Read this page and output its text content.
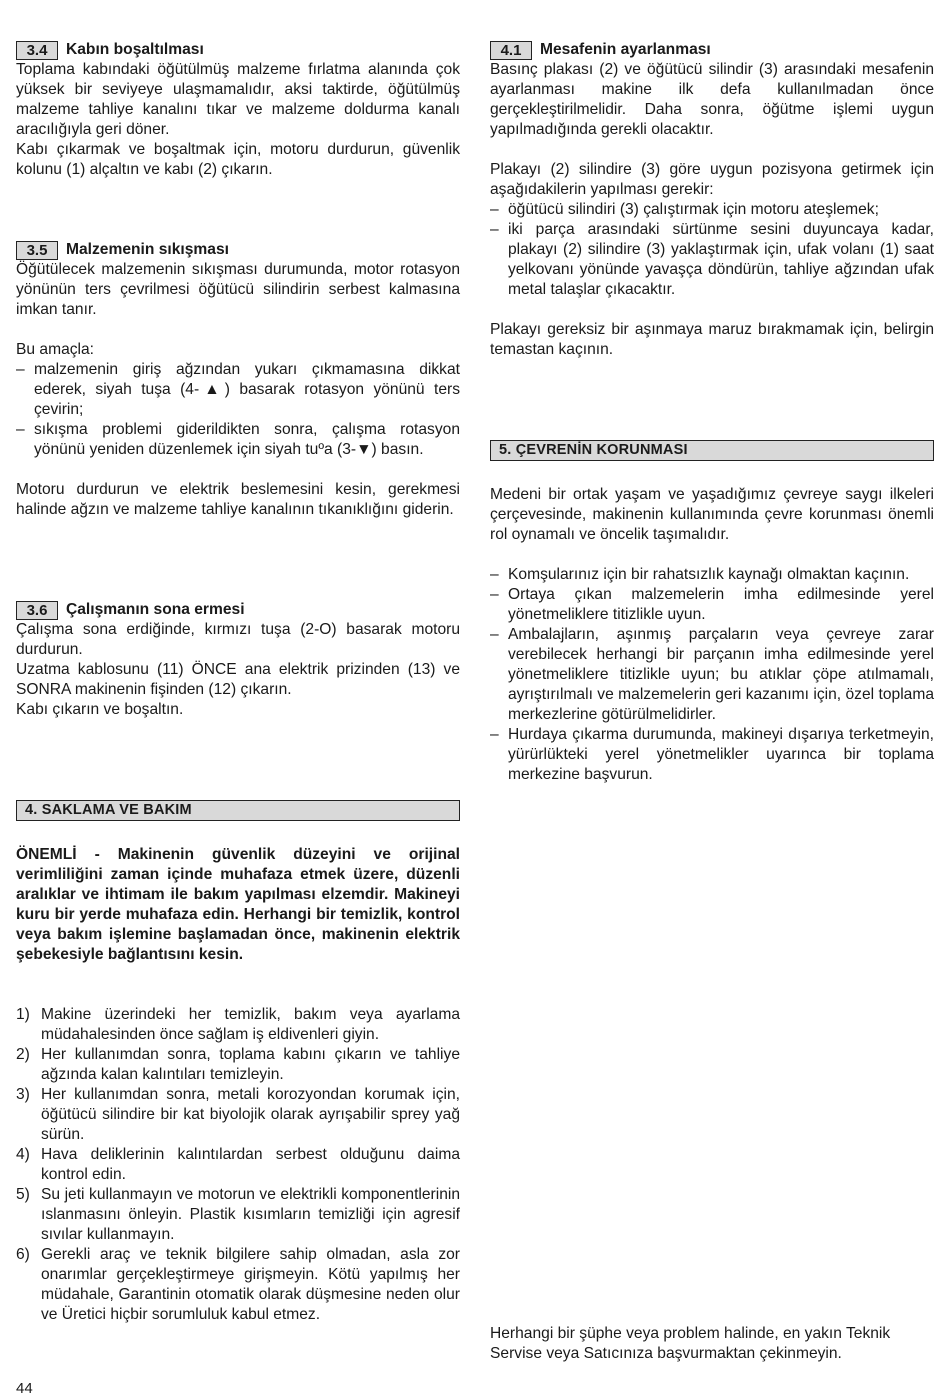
3.4	Kabın boşaltılması

Toplama kabındaki öğütülmüş malzeme fırlatma alanında çok yüksek bir seviyeye ulaşmamalıdır, aksi taktirde, öğütülmüş malzeme tahliye kanalını tıkar ve malzeme doldurma kanalı aracılığıyla geri döner.

Kabı çıkarmak ve boşaltmak için, motoru durdurun, güvenlik kolunu (1) alçaltın ve kabı (2) çıkarın.

3.5	Malzemenin sıkışması

Öğütülecek malzemenin sıkışması durumunda, motor rotasyon yönünün ters çevrilmesi öğütücü silindirin serbest kalmasına imkan tanır.

Bu amaçla:

– malzemenin giriş ağzından yukarı çıkmamasına dikkat ederek, siyah tuşa (4-▲) basarak rotasyon yönünü ters çevirin;
– sıkışma problemi giderildikten sonra, çalışma rotasyon yönünü yeniden düzenlemek için siyah tuºa (3-▼) basın.

Motoru durdurun ve elektrik beslemesini kesin, gerekmesi halinde ağzın ve malzeme tahliye kanalının tıkanıklığını giderin.

3.6	Çalışmanın sona ermesi

Çalışma sona erdiğinde, kırmızı tuşa (2-O) basarak motoru durdurun.

Uzatma kablosunu (11) ÖNCE ana elektrik prizinden (13) ve SONRA makinenin fişinden (12) çıkarın.

Kabı çıkarın ve boşaltın.

4. SAKLAMA VE BAKIM

ÖNEMLİ - Makinenin güvenlik düzeyini ve orijinal verimliliğini zaman içinde muhafaza etmek üzere, düzenli aralıklar ve ihtimam ile bakım yapılması elzemdir. Makineyi kuru bir yerde muhafaza edin. Herhangi bir temizlik, kontrol veya bakım işlemine başlamadan önce, makinenin elektrik şebekesiyle bağlantısını kesin.

1) Makine üzerindeki her temizlik, bakım veya ayarlama müdahalesinden önce sağlam iş eldivenleri giyin.
2) Her kullanımdan sonra, toplama kabını çıkarın ve tahliye ağzında kalan kalıntıları temizleyin.
3) Her kullanımdan sonra, metali korozyondan korumak için, öğütücü silindire bir kat biyolojik olarak ayrışabilir sprey yağ sürün.
4) Hava deliklerinin kalıntılardan serbest olduğunu daima kontrol edin.
5) Su jeti kullanmayın ve motorun ve elektrikli komponentlerinin ıslanmasını önleyin. Plastik kısımların temizliği için agresif sıvılar kullanmayın.
6) Gerekli araç ve teknik bilgilere sahip olmadan, asla zor onarımlar gerçekleştirmeye girişmeyin. Kötü yapılmış her müdahale, Garantinin otomatik olarak düşmesine neden olur ve Üretici hiçbir sorumluluk kabul etmez.
4.1	Mesafenin ayarlanması

Basınç plakası (2) ve öğütücü silindir (3) arasındaki mesafenin ayarlanması makine ilk defa kullanılmadan önce gerçekleştirilmelidir. Daha sonra, öğütme işlemi uygun yapılmadığında gerekli olacaktır.

Plakayı (2) silindire (3) göre uygun pozisyona getirmek için aşağıdakilerin yapılması gerekir:

– öğütücü silindiri (3) çalıştırmak için motoru ateşlemek;
– iki parça arasındaki sürtünme sesini duyuncaya kadar, plakayı (2) silindire (3) yaklaştırmak için, ufak volanı (1) saat yelkovanı yönünde yavaşça döndürün, tahliye ağzından ufak metal talaşlar çıkacaktır.

Plakayı gereksiz bir aşınmaya maruz bırakmamak için, belirgin temastan kaçının.

5. ÇEVRENİN KORUNMASI

Medeni bir ortak yaşam ve yaşadığımız çevreye saygı ilkeleri çerçevesinde, makinenin kullanımında çevre korunması önemli rol oynamalı ve öncelik taşımalıdır.

– Komşularınız için bir rahatsızlık kaynağı olmaktan kaçının.
– Ortaya çıkan malzemelerin imha edilmesinde yerel yönetmeliklere titizlikle uyun.
– Ambalajların, aşınmış parçaların veya çevreye zarar verebilecek herhangi bir parçanın imha edilmesinde yerel yönetmeliklere titizlikle uyun; bu atıklar çöpe atılmamalı, ayrıştırılmalı ve malzemelerin geri kazanımı için, özel toplama merkezlerine götürülmelidirler.
– Hurdaya çıkarma durumunda, makineyi dışarıya terketmeyin, yürürlükteki yerel yönetmelikler uyarınca bir toplama merkezine başvurun.

Herhangi bir şüphe veya problem halinde, en yakın Teknik Servise veya Satıcınıza başvurmaktan çekinmeyin.

44
